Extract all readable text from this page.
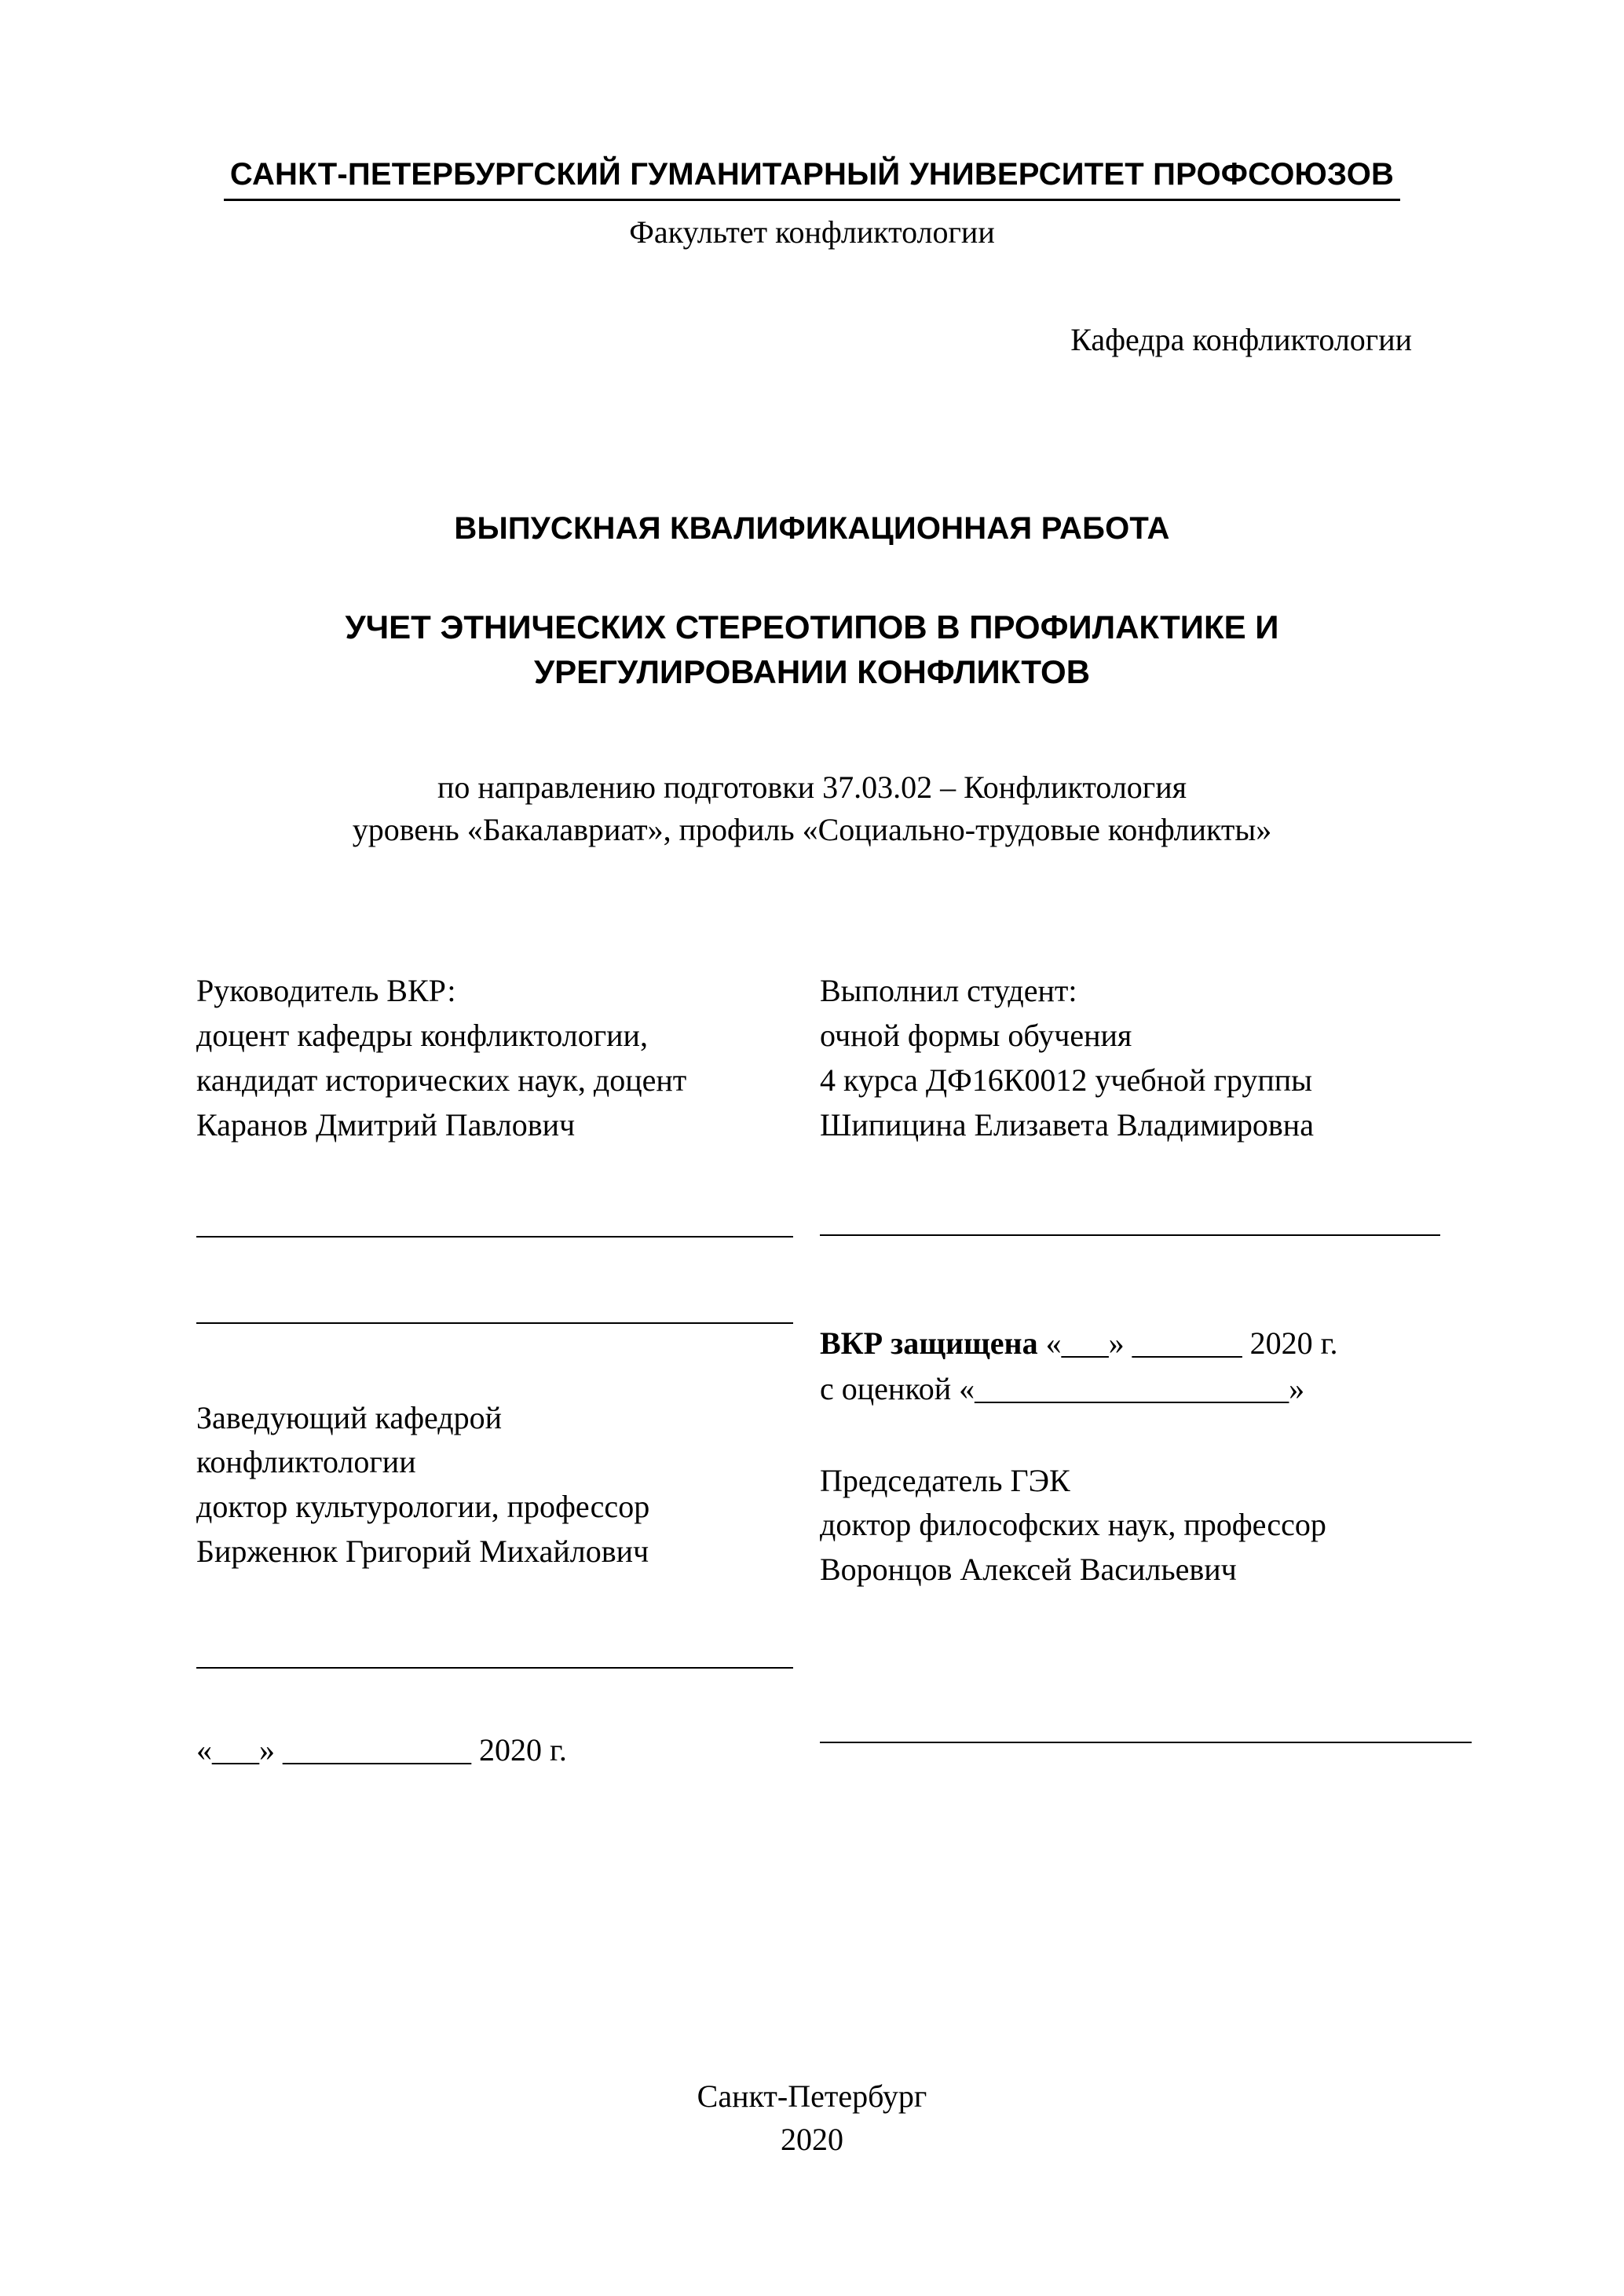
САНКТ-ПЕТЕРБУРГСКИЙ ГУМАНИТАРНЫЙ УНИВЕРСИТЕТ ПРОФСОЮЗОВ
Факультет конфликтологии
Кафедра конфликтологии
ВЫПУСКНАЯ КВАЛИФИКАЦИОННАЯ РАБОТА
УЧЕТ ЭТНИЧЕСКИХ СТЕРЕОТИПОВ В ПРОФИЛАКТИКЕ И УРЕГУЛИРОВАНИИ КОНФЛИКТОВ
по направлению подготовки 37.03.02 – Конфликтология
уровень «Бакалавриат», профиль «Социально-трудовые конфликты»
Руководитель ВКР:
доцент кафедры конфликтологии,
кандидат исторических наук, доцент
Каранов Дмитрий Павлович
Заведующий кафедрой
конфликтологии
доктор культурологии, профессор
Бирженюк Григорий Михайлович
«___» ____________ 2020 г.
Выполнил студент:
очной формы обучения
4 курса ДФ16К0012 учебной группы
Шипицина Елизавета Владимировна
ВКР защищена «___» _______ 2020 г.
с оценкой «____________________»
Председатель ГЭК
доктор философских наук, профессор
Воронцов Алексей Васильевич
Санкт-Петербург
2020
